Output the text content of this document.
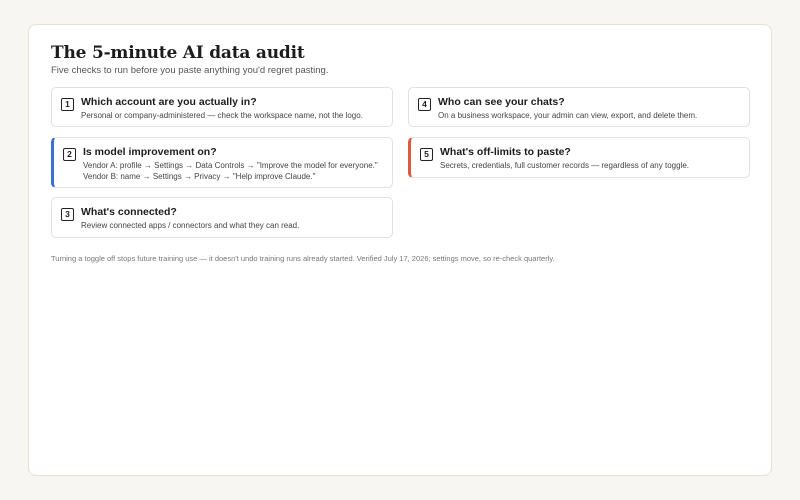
The 5-minute AI data audit

Five checks to run before you paste anything you'd regret pasting.

1	Which account are you actually in?
Personal or company-administered — check the workspace name, not the logo.
4	Who can see your chats?
On a business workspace, your admin can view, export, and delete them.
2	Is model improvement on?
Vendor A: profile → Settings → Data Controls → "Improve the model for everyone."
Vendor B: name → Settings → Privacy → "Help improve Claude."
5	What's off-limits to paste?
Secrets, credentials, full customer records — regardless of any toggle.
3	What's connected?
Review connected apps / connectors and what they can read.

Turning a toggle off stops future training use — it doesn't undo training runs already started. Verified July 17, 2026; settings move, so re-check quarterly.
